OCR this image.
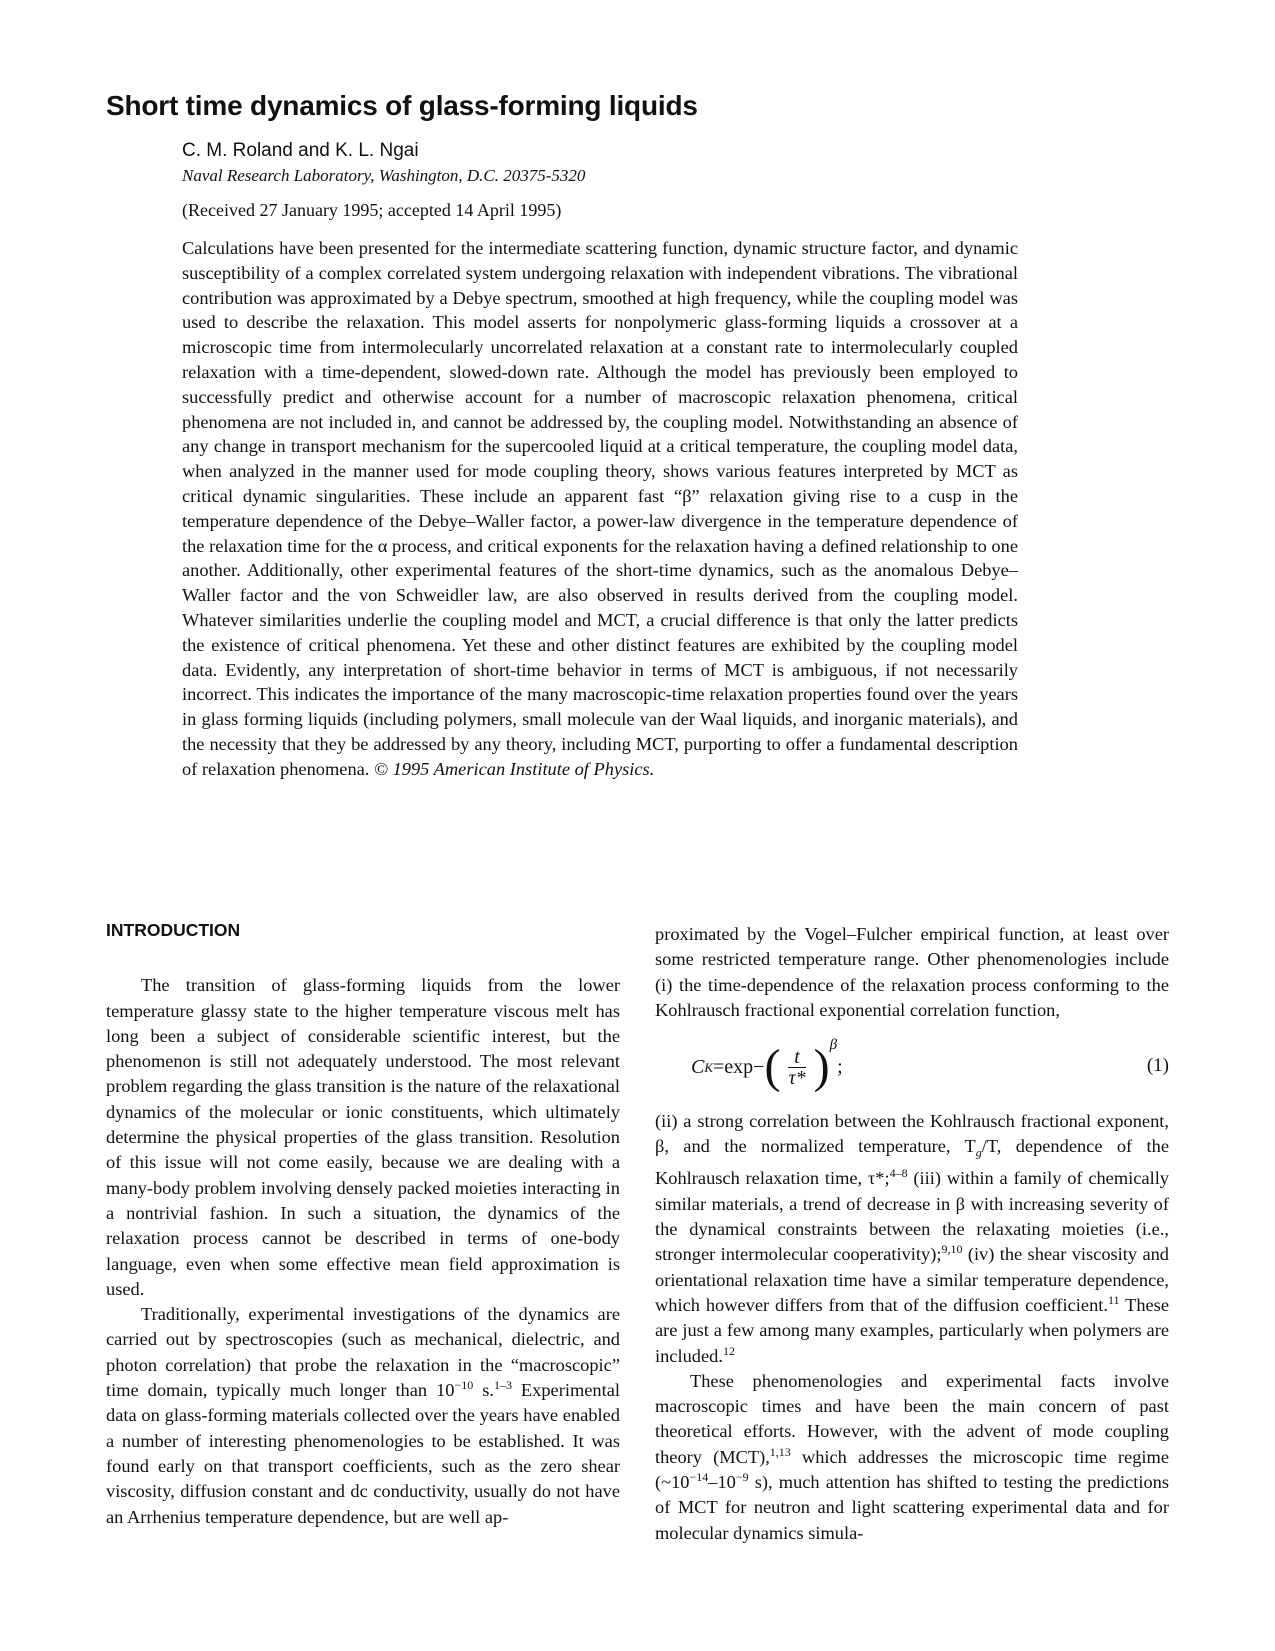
Short time dynamics of glass-forming liquids
C. M. Roland and K. L. Ngai
Naval Research Laboratory, Washington, D.C. 20375-5320
(Received 27 January 1995; accepted 14 April 1995)

Calculations have been presented for the intermediate scattering function, dynamic structure factor, and dynamic susceptibility of a complex correlated system undergoing relaxation with independent vibrations. The vibrational contribution was approximated by a Debye spectrum, smoothed at high frequency, while the coupling model was used to describe the relaxation. This model asserts for nonpolymeric glass-forming liquids a crossover at a microscopic time from intermolecularly uncorrelated relaxation at a constant rate to intermolecularly coupled relaxation with a time-dependent, slowed-down rate. Although the model has previously been employed to successfully predict and otherwise account for a number of macroscopic relaxation phenomena, critical phenomena are not included in, and cannot be addressed by, the coupling model. Notwithstanding an absence of any change in transport mechanism for the supercooled liquid at a critical temperature, the coupling model data, when analyzed in the manner used for mode coupling theory, shows various features interpreted by MCT as critical dynamic singularities. These include an apparent fast “β” relaxation giving rise to a cusp in the temperature dependence of the Debye–Waller factor, a power-law divergence in the temperature dependence of the relaxation time for the α process, and critical exponents for the relaxation having a defined relationship to one another. Additionally, other experimental features of the short-time dynamics, such as the anomalous Debye–Waller factor and the von Schweidler law, are also observed in results derived from the coupling model. Whatever similarities underlie the coupling model and MCT, a crucial difference is that only the latter predicts the existence of critical phenomena. Yet these and other distinct features are exhibited by the coupling model data. Evidently, any interpretation of short-time behavior in terms of MCT is ambiguous, if not necessarily incorrect. This indicates the importance of the many macroscopic-time relaxation properties found over the years in glass forming liquids (including polymers, small molecule van der Waal liquids, and inorganic materials), and the necessity that they be addressed by any theory, including MCT, purporting to offer a fundamental description of relaxation phenomena. © 1995 American Institute of Physics.

INTRODUCTION

The transition of glass-forming liquids from the lower temperature glassy state to the higher temperature viscous melt has long been a subject of considerable scientific interest, but the phenomenon is still not adequately understood. The most relevant problem regarding the glass transition is the nature of the relaxational dynamics of the molecular or ionic constituents, which ultimately determine the physical properties of the glass transition. Resolution of this issue will not come easily, because we are dealing with a many-body problem involving densely packed moieties interacting in a nontrivial fashion. In such a situation, the dynamics of the relaxation process cannot be described in terms of one-body language, even when some effective mean field approximation is used.

Traditionally, experimental investigations of the dynamics are carried out by spectroscopies (such as mechanical, dielectric, and photon correlation) that probe the relaxation in the “macroscopic” time domain, typically much longer than $10^{-10}$ s.$^{1-3}$ Experimental data on glass-forming materials collected over the years have enabled a number of interesting phenomenologies to be established. It was found early on that transport coefficients, such as the zero shear viscosity, diffusion constant and dc conductivity, usually do not have an Arrhenius temperature dependence, but are well ap-

proximated by the Vogel–Fulcher empirical function, at least over some restricted temperature range. Other phenomenologies include (i) the time-dependence of the relaxation process conforming to the Kohlrausch fractional exponential correlation function,

C K =exp− ( $\frac{t}{\tau*}$ ) β
;	(1)

(ii) a strong correlation between the Kohlrausch fractional exponent, β, and the normalized temperature, $T_g/T$, dependence of the Kohlrausch relaxation time, τ*;$^{4-8}$ (iii) within a family of chemically similar materials, a trend of decrease in β with increasing severity of the dynamical constraints between the relaxating moieties (i.e., stronger intermolecular cooperativity);$^{9,10}$ (iv) the shear viscosity and orientational relaxation time have a similar temperature dependence, which however differs from that of the diffusion coefficient.$^{11}$ These are just a few among many examples, particularly when polymers are included.$^{12}$

These phenomenologies and experimental facts involve macroscopic times and have been the main concern of past theoretical efforts. However, with the advent of mode coupling theory (MCT),$^{1,13}$ which addresses the microscopic time regime ($\sim 10^{-14}-10^{-9}$ s), much attention has shifted to testing the predictions of MCT for neutron and light scattering experimental data and for molecular dynamics simula-
